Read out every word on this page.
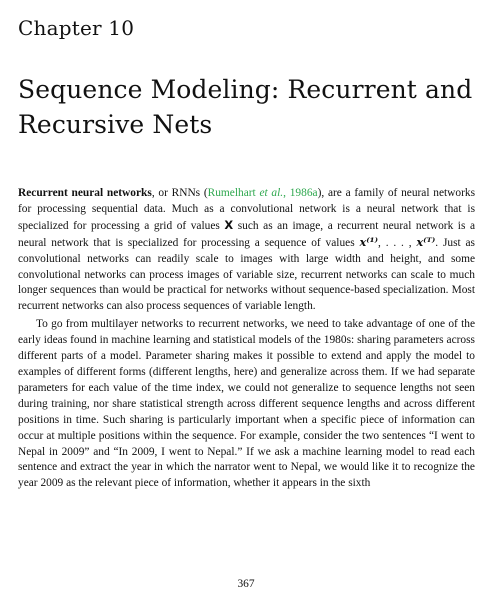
Chapter 10
Sequence Modeling: Recurrent and Recursive Nets

Recurrent neural networks, or RNNs (Rumelhart et al., 1986a), are a family of neural networks for processing sequential data. Much as a convolutional network is a neural network that is specialized for processing a grid of values X such as an image, a recurrent neural network is a neural network that is specialized for processing a sequence of values x⁽¹⁾, . . . , x⁽ᵀ⁾. Just as convolutional networks can readily scale to images with large width and height, and some convolutional networks can process images of variable size, recurrent networks can scale to much longer sequences than would be practical for networks without sequence-based specialization. Most recurrent networks can also process sequences of variable length.

To go from multilayer networks to recurrent networks, we need to take advantage of one of the early ideas found in machine learning and statistical models of the 1980s: sharing parameters across different parts of a model. Parameter sharing makes it possible to extend and apply the model to examples of different forms (different lengths, here) and generalize across them. If we had separate parameters for each value of the time index, we could not generalize to sequence lengths not seen during training, nor share statistical strength across different sequence lengths and across different positions in time. Such sharing is particularly important when a specific piece of information can occur at multiple positions within the sequence. For example, consider the two sentences “I went to Nepal in 2009” and “In 2009, I went to Nepal.” If we ask a machine learning model to read each sentence and extract the year in which the narrator went to Nepal, we would like it to recognize the year 2009 as the relevant piece of information, whether it appears in the sixth

367
